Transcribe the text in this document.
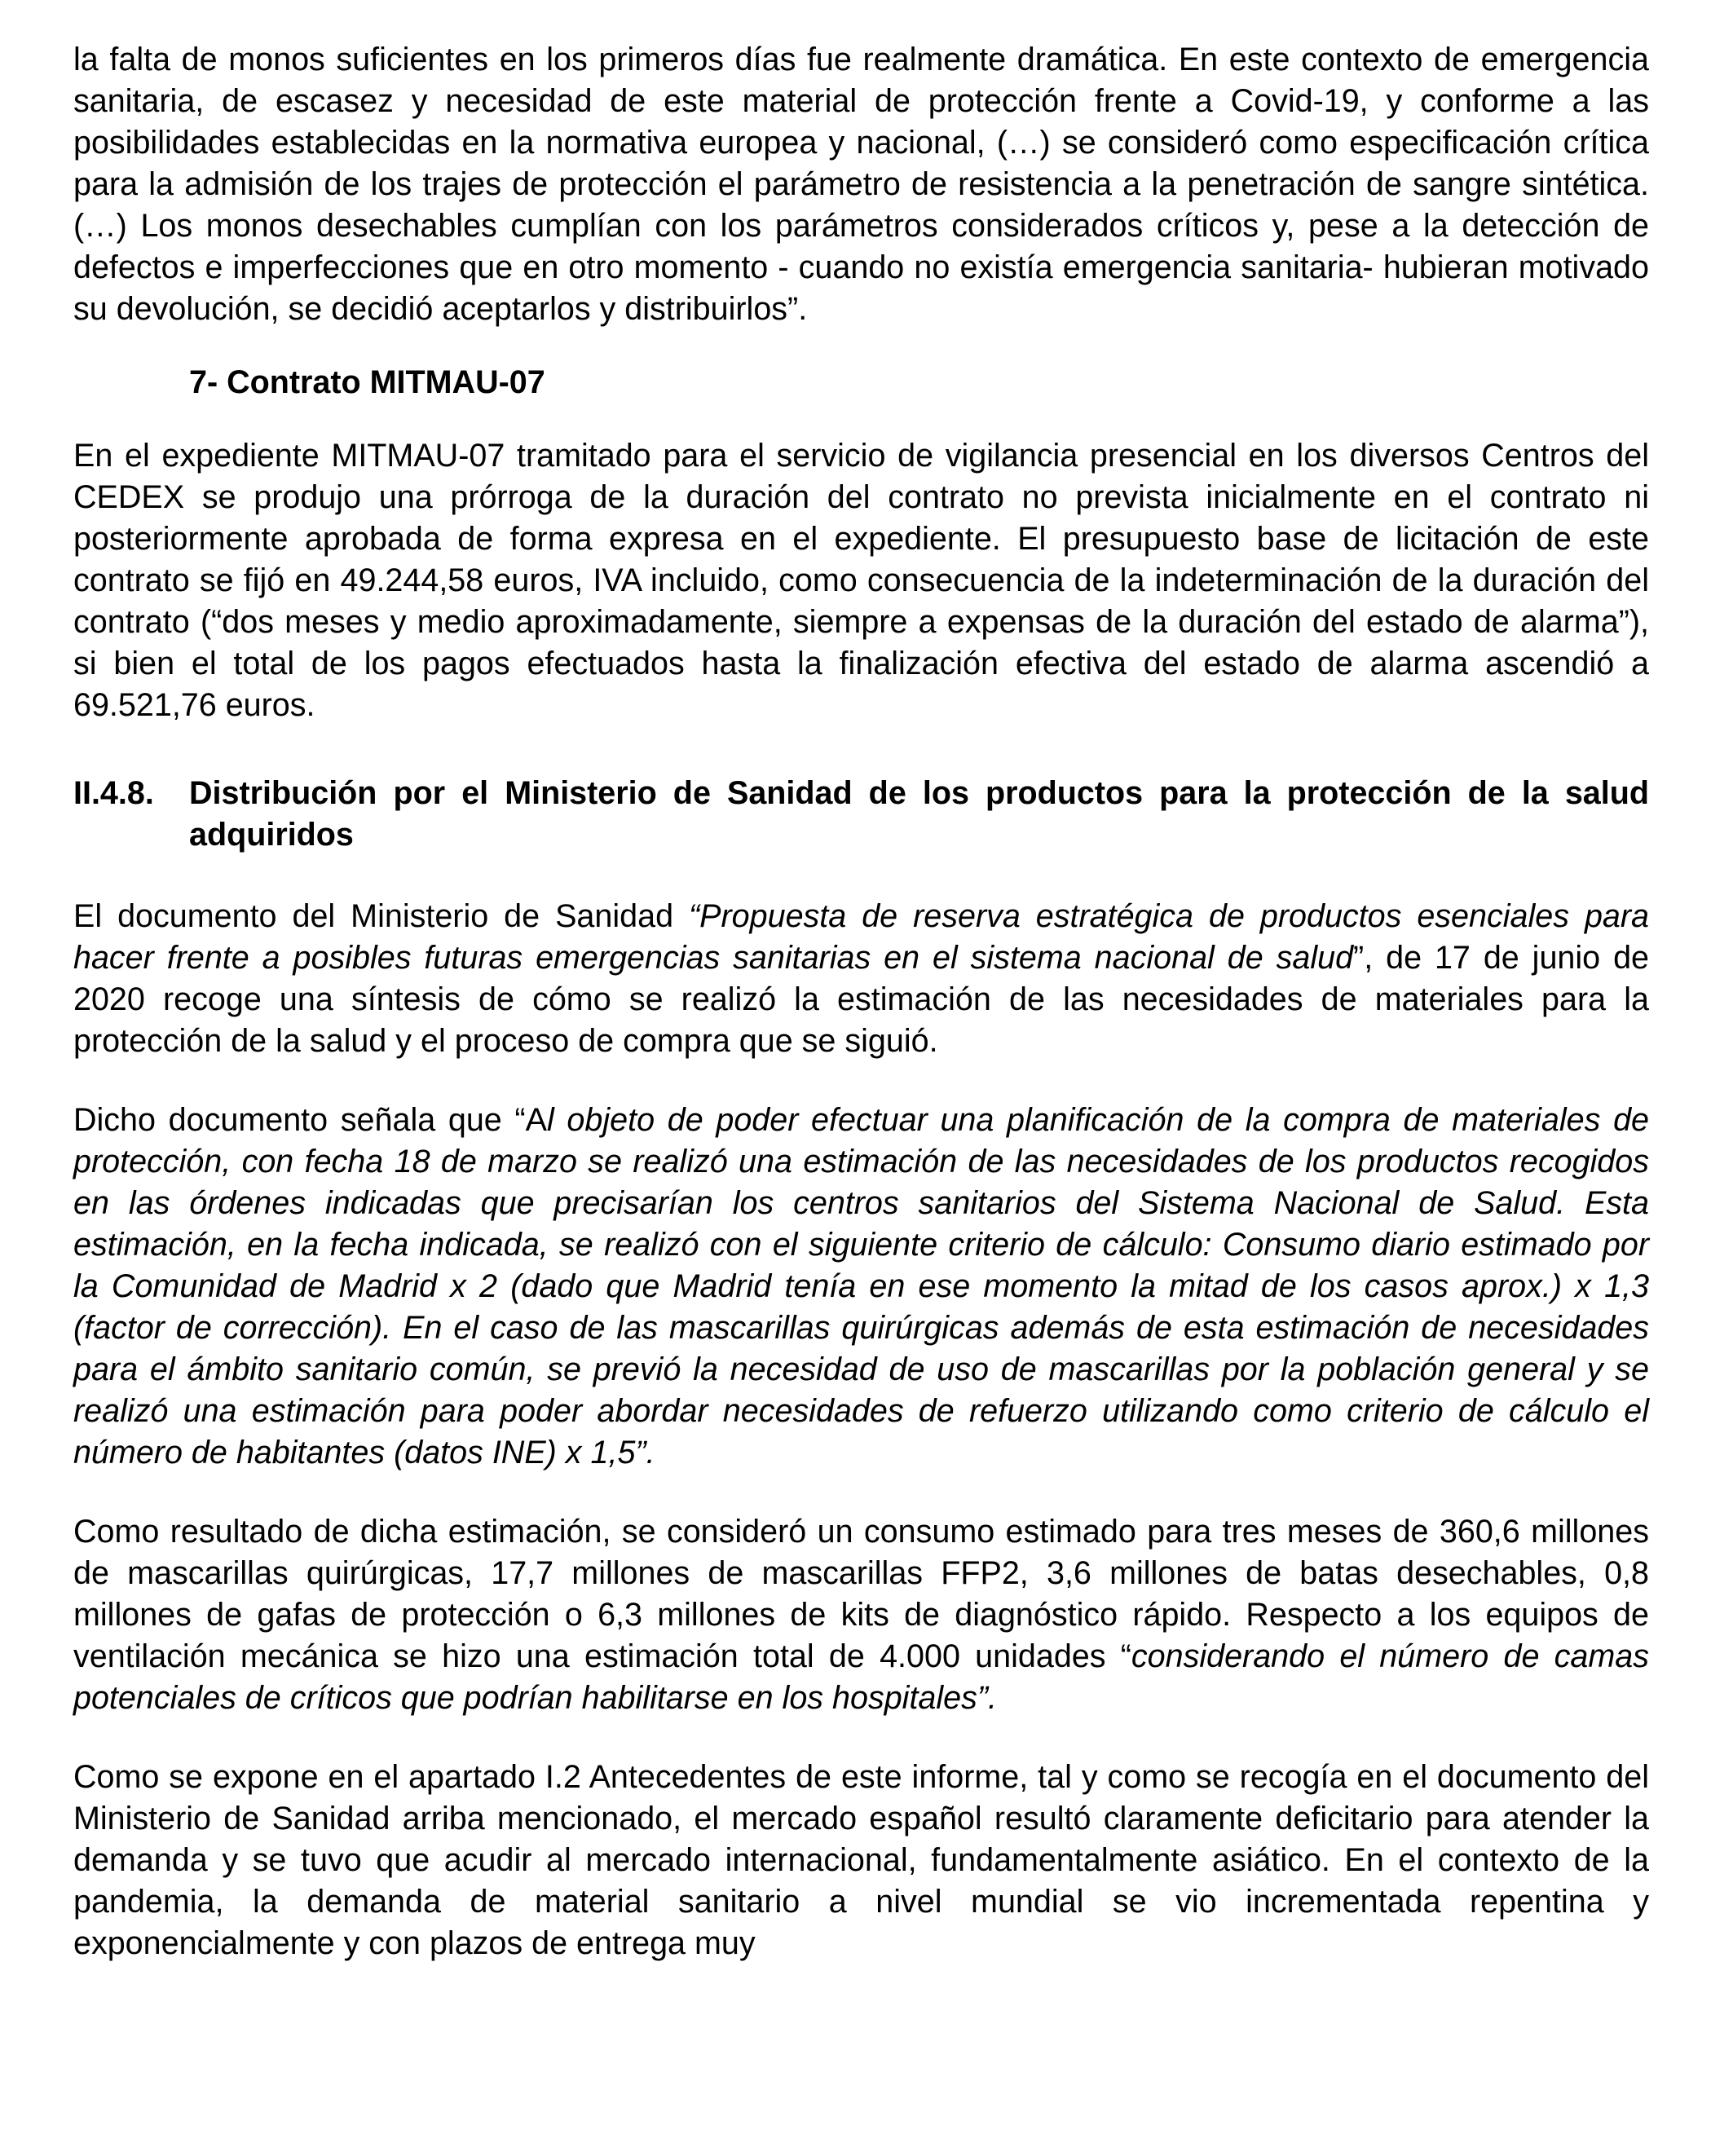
la falta de monos suficientes en los primeros días fue realmente dramática. En este contexto de emergencia sanitaria, de escasez y necesidad de este material de protección frente a Covid-19, y conforme a las posibilidades establecidas en la normativa europea y nacional, (…) se consideró como especificación crítica para la admisión de los trajes de protección el parámetro de resistencia a la penetración de sangre sintética. (…) Los monos desechables cumplían con los parámetros considerados críticos y, pese a la detección de defectos e imperfecciones que en otro momento - cuando no existía emergencia sanitaria- hubieran motivado su devolución, se decidió aceptarlos y distribuirlos”.

7- Contrato MITMAU-07

En el expediente MITMAU-07 tramitado para el servicio de vigilancia presencial en los diversos Centros del CEDEX se produjo una prórroga de la duración del contrato no prevista inicialmente en el contrato ni posteriormente aprobada de forma expresa en el expediente. El presupuesto base de licitación de este contrato se fijó en 49.244,58 euros, IVA incluido, como consecuencia de la indeterminación de la duración del contrato (“dos meses y medio aproximadamente, siempre a expensas de la duración del estado de alarma”), si bien el total de los pagos efectuados hasta la finalización efectiva del estado de alarma ascendió a 69.521,76 euros.

II.4.8.	Distribución por el Ministerio de Sanidad de los productos para la protección de la salud adquiridos

El documento del Ministerio de Sanidad “Propuesta de reserva estratégica de productos esenciales para hacer frente a posibles futuras emergencias sanitarias en el sistema nacional de salud”, de 17 de junio de 2020 recoge una síntesis de cómo se realizó la estimación de las necesidades de materiales para la protección de la salud y el proceso de compra que se siguió.

Dicho documento señala que “Al objeto de poder efectuar una planificación de la compra de materiales de protección, con fecha 18 de marzo se realizó una estimación de las necesidades de los productos recogidos en las órdenes indicadas que precisarían los centros sanitarios del Sistema Nacional de Salud. Esta estimación, en la fecha indicada, se realizó con el siguiente criterio de cálculo: Consumo diario estimado por la Comunidad de Madrid x 2 (dado que Madrid tenía en ese momento la mitad de los casos aprox.) x 1,3 (factor de corrección). En el caso de las mascarillas quirúrgicas además de esta estimación de necesidades para el ámbito sanitario común, se previó la necesidad de uso de mascarillas por la población general y se realizó una estimación para poder abordar necesidades de refuerzo utilizando como criterio de cálculo el número de habitantes (datos INE) x 1,5”.

Como resultado de dicha estimación, se consideró un consumo estimado para tres meses de 360,6 millones de mascarillas quirúrgicas, 17,7 millones de mascarillas FFP2, 3,6 millones de batas desechables, 0,8 millones de gafas de protección o 6,3 millones de kits de diagnóstico rápido. Respecto a los equipos de ventilación mecánica se hizo una estimación total de 4.000 unidades “considerando el número de camas potenciales de críticos que podrían habilitarse en los hospitales”.

Como se expone en el apartado I.2 Antecedentes de este informe, tal y como se recogía en el documento del Ministerio de Sanidad arriba mencionado, el mercado español resultó claramente deficitario para atender la demanda y se tuvo que acudir al mercado internacional, fundamentalmente asiático. En el contexto de la pandemia, la demanda de material sanitario a nivel mundial se vio incrementada repentina y exponencialmente y con plazos de entrega muy
